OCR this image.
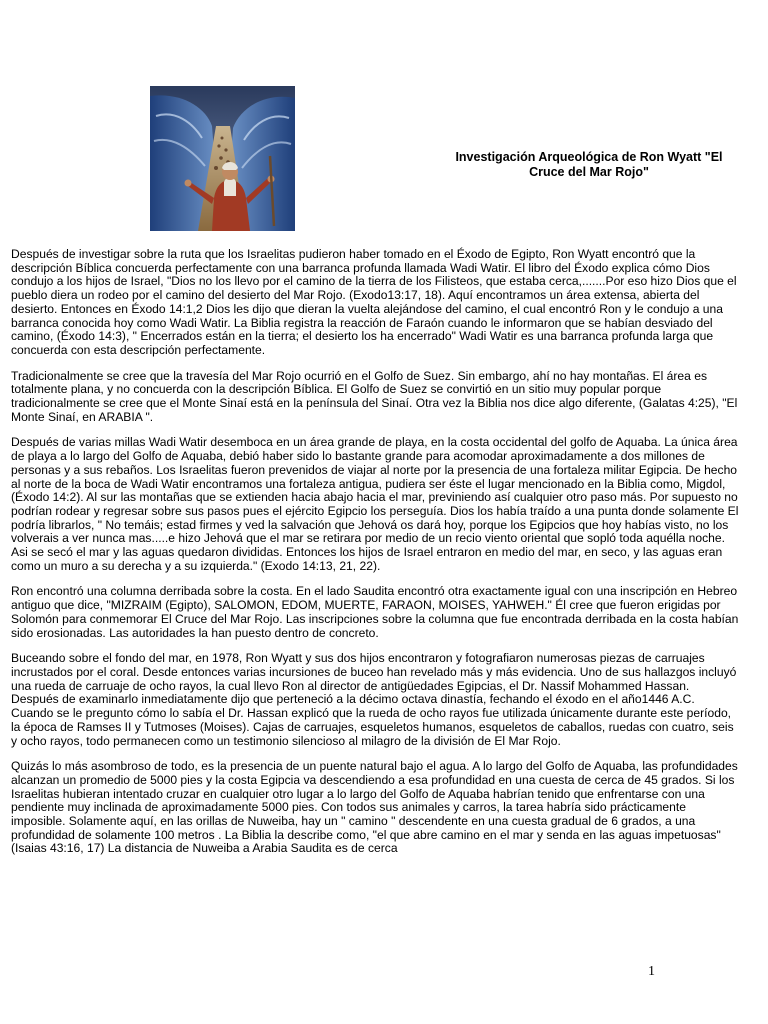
Investigación Arqueológica de Ron Wyatt "El
Cruce del Mar Rojo"

Después de investigar sobre la ruta que los Israelitas pudieron haber tomado en el Éxodo de Egipto, Ron Wyatt encontró que la descripción Bíblica concuerda perfectamente con una barranca profunda llamada Wadi Watir. El libro del Éxodo explica cómo Dios condujo a los hijos de Israel, "Dios no los llevo por el camino de la tierra de los Filisteos, que estaba cerca,.......Por eso hizo Dios que el pueblo diera un rodeo por el camino del desierto del Mar Rojo. (Exodo13:17, 18). Aquí encontramos un área extensa, abierta del desierto. Entonces en Éxodo 14:1,2 Dios les dijo que dieran la vuelta alejándose del camino, el cual encontró Ron y le condujo a una barranca conocida hoy como Wadi Watir. La Biblia registra la reacción de Faraón cuando le informaron que se habían desviado del camino, (Éxodo 14:3), " Encerrados están en la tierra; el desierto los ha encerrado" Wadi Watir es una barranca profunda larga que concuerda con esta descripción perfectamente.

Tradicionalmente se cree que la travesía del Mar Rojo ocurrió en el Golfo de Suez. Sin embargo, ahí no hay montañas. El área es totalmente plana, y no concuerda con la descripción Bíblica. El Golfo de Suez se convirtió en un sitio muy popular porque tradicionalmente se cree que el Monte Sinaí está en la península del Sinaí. Otra vez la Biblia nos dice algo diferente, (Galatas 4:25), "El Monte Sinaí, en ARABIA ".

Después de varias millas Wadi Watir desemboca en un área grande de playa, en la costa occidental del golfo de Aquaba. La única área de playa a lo largo del Golfo de Aquaba, debió haber sido lo bastante grande para acomodar aproximadamente a dos millones de personas y a sus rebaños. Los Israelitas fueron prevenidos de viajar al norte por la presencia de una fortaleza militar Egipcia. De hecho al norte de la boca de Wadi Watir encontramos una fortaleza antigua, pudiera ser éste el lugar mencionado en la Biblia como, Migdol, (Éxodo 14:2). Al sur las montañas que se extienden hacia abajo hacia el mar, previniendo así cualquier otro paso más. Por supuesto no podrían rodear y regresar sobre sus pasos pues el ejército Egipcio los perseguía. Dios los había traído a una punta donde solamente El podría librarlos, " No temáis; estad firmes y ved la salvación que Jehová os dará hoy, porque los Egipcios que hoy habías visto, no los volverais a ver nunca mas.....e hizo Jehová que el mar se retirara por medio de un recio viento oriental que sopló toda aquélla noche. Asi se secó el mar y las aguas quedaron divididas. Entonces los hijos de Israel entraron en medio del mar, en seco, y las aguas eran como un muro a su derecha y a su izquierda." (Exodo 14:13, 21, 22).

Ron encontró una columna derribada sobre la costa. En el lado Saudita encontró otra exactamente igual con una inscripción en Hebreo antiguo que dice, "MIZRAIM (Egipto), SALOMON, EDOM, MUERTE, FARAON, MOISES, YAHWEH." Él cree que fueron erigidas por Solomón para conmemorar El Cruce del Mar Rojo. Las inscripciones sobre la columna que fue encontrada derribada en la costa habían sido erosionadas. Las autoridades la han puesto dentro de concreto.

Buceando sobre el fondo del mar, en 1978, Ron Wyatt y sus dos hijos encontraron y fotografiaron numerosas piezas de carruajes incrustados por el coral. Desde entonces varias incursiones de buceo han revelado más y más evidencia. Uno de sus hallazgos incluyó una rueda de carruaje de ocho rayos, la cual llevo Ron al director de antigüedades Egipcias, el Dr. Nassif Mohammed Hassan. Después de examinarlo inmediatamente dijo que perteneció a la décimo octava dinastía, fechando el éxodo en el año1446 A.C. Cuando se le pregunto cómo lo sabía el Dr. Hassan explicó que la rueda de ocho rayos fue utilizada únicamente durante este período, la época de Ramses II y Tutmoses (Moises). Cajas de carruajes, esqueletos humanos, esqueletos de caballos, ruedas con cuatro, seis y ocho rayos, todo permanecen como un testimonio silencioso al milagro de la división de El Mar Rojo.

Quizás lo más asombroso de todo, es la presencia de un puente natural bajo el agua. A lo largo del Golfo de Aquaba, las profundidades alcanzan un promedio de 5000 pies y la costa Egipcia va descendiendo a esa profundidad en una cuesta de cerca de 45 grados. Si los Israelitas hubieran intentado cruzar en cualquier otro lugar a lo largo del Golfo de Aquaba habrían tenido que enfrentarse con una pendiente muy inclinada de aproximadamente 5000 pies. Con todos sus animales y carros, la tarea habría sido prácticamente imposible. Solamente aquí, en las orillas de Nuweiba, hay un " camino " descendente en una cuesta gradual de 6 grados, a una profundidad de solamente 100 metros . La Biblia la describe como, "el que abre camino en el mar y senda en las aguas impetuosas" (Isaias 43:16, 17) La distancia de Nuweiba a Arabia Saudita es de cerca

1
